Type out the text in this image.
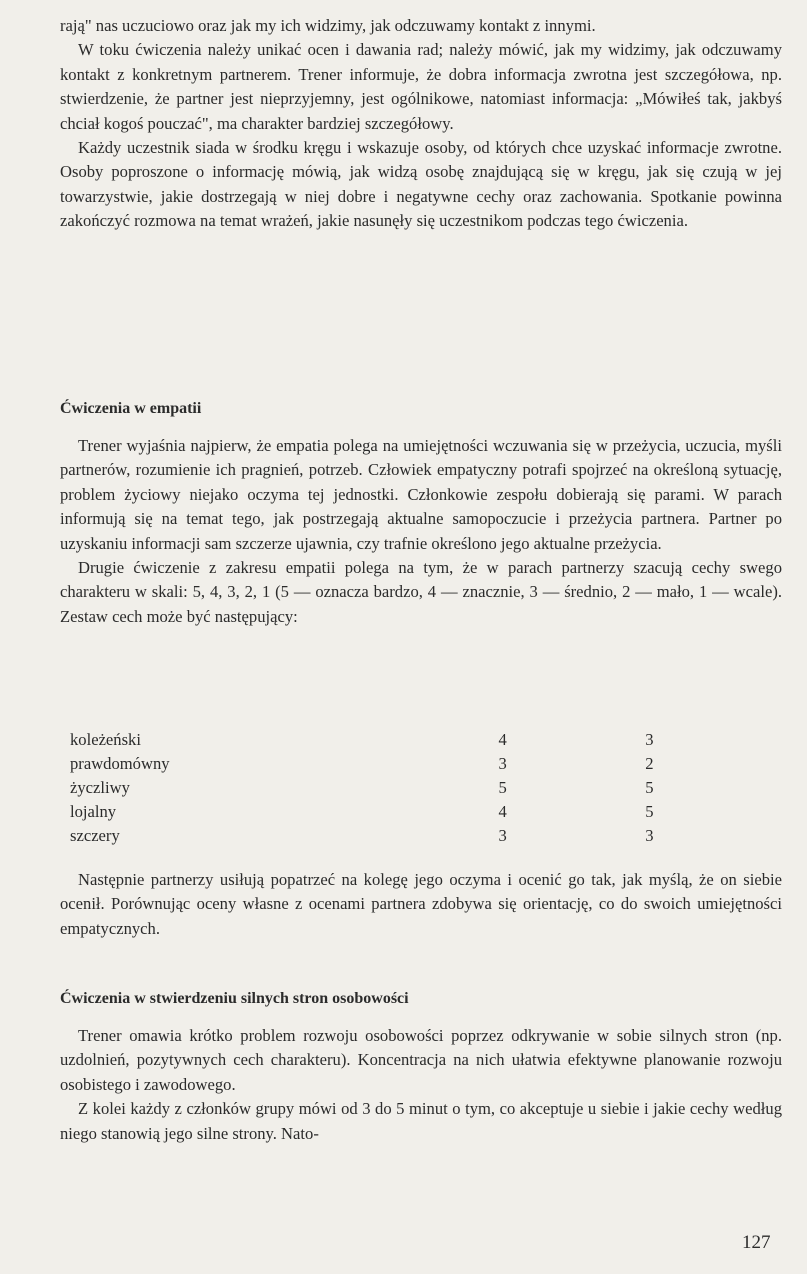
rają" nas uczuciowo oraz jak my ich widzimy, jak odczuwamy kontakt z innymi.

W toku ćwiczenia należy unikać ocen i dawania rad; należy mówić, jak my widzimy, jak odczuwamy kontakt z konkretnym partnerem. Trener informuje, że dobra informacja zwrotna jest szczegółowa, np. stwierdzenie, że partner jest nieprzyjemny, jest ogólnikowe, natomiast informacja: „Mówiłeś tak, jakbyś chciał kogoś pouczać", ma charakter bardziej szczegółowy.

Każdy uczestnik siada w środku kręgu i wskazuje osoby, od których chce uzyskać informacje zwrotne. Osoby poproszone o informację mówią, jak widzą osobę znajdującą się w kręgu, jak się czują w jej towarzystwie, jakie dostrzegają w niej dobre i negatywne cechy oraz zachowania. Spotkanie powinna zakończyć rozmowa na temat wrażeń, jakie nasunęły się uczestnikom podczas tego ćwiczenia.

Ćwiczenia w empatii

Trener wyjaśnia najpierw, że empatia polega na umiejętności wczuwania się w przeżycia, uczucia, myśli partnerów, rozumienie ich pragnień, potrzeb. Człowiek empatyczny potrafi spojrzeć na określoną sytuację, problem życiowy niejako oczyma tej jednostki. Członkowie zespołu dobierają się parami. W parach informują się na temat tego, jak postrzegają aktualne samopoczucie i przeżycia partnera. Partner po uzyskaniu informacji sam szczerze ujawnia, czy trafnie określono jego aktualne przeżycia.

Drugie ćwiczenie z zakresu empatii polega na tym, że w parach partnerzy szacują cechy swego charakteru w skali: 5, 4, 3, 2, 1 (5 — oznacza bardzo, 4 — znacznie, 3 — średnio, 2 — mało, 1 — wcale). Zestaw cech może być następujący:

koleżeński	4	3
prawdomówny	3	2
życzliwy	5	5
lojalny	4	5
szczery	3	3

Następnie partnerzy usiłują popatrzeć na kolegę jego oczyma i ocenić go tak, jak myślą, że on siebie ocenił. Porównując oceny własne z ocenami partnera zdobywa się orientację, co do swoich umiejętności empatycznych.

Ćwiczenia w stwierdzeniu silnych stron osobowości

Trener omawia krótko problem rozwoju osobowości poprzez odkrywanie w sobie silnych stron (np. uzdolnień, pozytywnych cech charakteru). Koncentracja na nich ułatwia efektywne planowanie rozwoju osobistego i zawodowego.

Z kolei każdy z członków grupy mówi od 3 do 5 minut o tym, co akceptuje u siebie i jakie cechy według niego stanowią jego silne strony. Nato-

127
